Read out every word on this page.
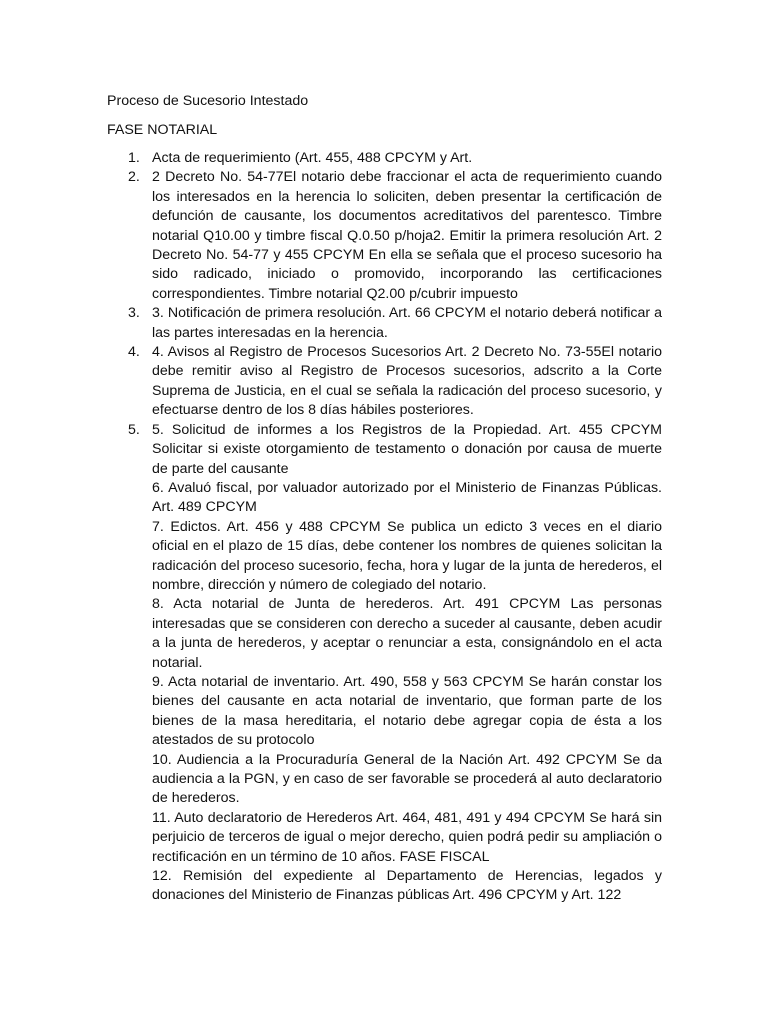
Proceso de Sucesorio Intestado

FASE NOTARIAL

1. Acta de requerimiento (Art. 455, 488 CPCYM y Art.
2. 2 Decreto No. 54-77El notario debe fraccionar el acta de requerimiento cuando los interesados en la herencia lo soliciten, deben presentar la certificación de defunción de causante, los documentos acreditativos del parentesco. Timbre notarial Q10.00 y timbre fiscal Q.0.50 p/hoja2. Emitir la primera resolución Art. 2 Decreto No. 54-77 y 455 CPCYM En ella se señala que el proceso sucesorio ha sido radicado, iniciado o promovido, incorporando las certificaciones correspondientes. Timbre notarial Q2.00 p/cubrir impuesto
3. 3. Notificación de primera resolución. Art. 66 CPCYM el notario deberá notificar a las partes interesadas en la herencia.
4. 4. Avisos al Registro de Procesos Sucesorios Art. 2 Decreto No. 73-55El notario debe remitir aviso al Registro de Procesos sucesorios, adscrito a la Corte Suprema de Justicia, en el cual se señala la radicación del proceso sucesorio, y efectuarse dentro de los 8 días hábiles posteriores.
5. 5. Solicitud de informes a los Registros de la Propiedad. Art. 455 CPCYM Solicitar si existe otorgamiento de testamento o donación por causa de muerte de parte del causante
6. Avaluó fiscal, por valuador autorizado por el Ministerio de Finanzas Públicas. Art. 489 CPCYM
7. Edictos. Art. 456 y 488 CPCYM Se publica un edicto 3 veces en el diario oficial en el plazo de 15 días, debe contener los nombres de quienes solicitan la radicación del proceso sucesorio, fecha, hora y lugar de la junta de herederos, el nombre, dirección y número de colegiado del notario.
8. Acta notarial de Junta de herederos. Art. 491 CPCYM Las personas interesadas que se consideren con derecho a suceder al causante, deben acudir a la junta de herederos, y aceptar o renunciar a esta, consignándolo en el acta notarial.
9. Acta notarial de inventario. Art. 490, 558 y 563 CPCYM Se harán constar los bienes del causante en acta notarial de inventario, que forman parte de los bienes de la masa hereditaria, el notario debe agregar copia de ésta a los atestados de su protocolo
10. Audiencia a la Procuraduría General de la Nación Art. 492 CPCYM Se da audiencia a la PGN, y en caso de ser favorable se procederá al auto declaratorio de herederos.
11. Auto declaratorio de Herederos Art. 464, 481, 491 y 494 CPCYM Se hará sin perjuicio de terceros de igual o mejor derecho, quien podrá pedir su ampliación o rectificación en un término de 10 años. FASE FISCAL
12. Remisión del expediente al Departamento de Herencias, legados y donaciones del Ministerio de Finanzas públicas Art. 496 CPCYM y Art. 122
